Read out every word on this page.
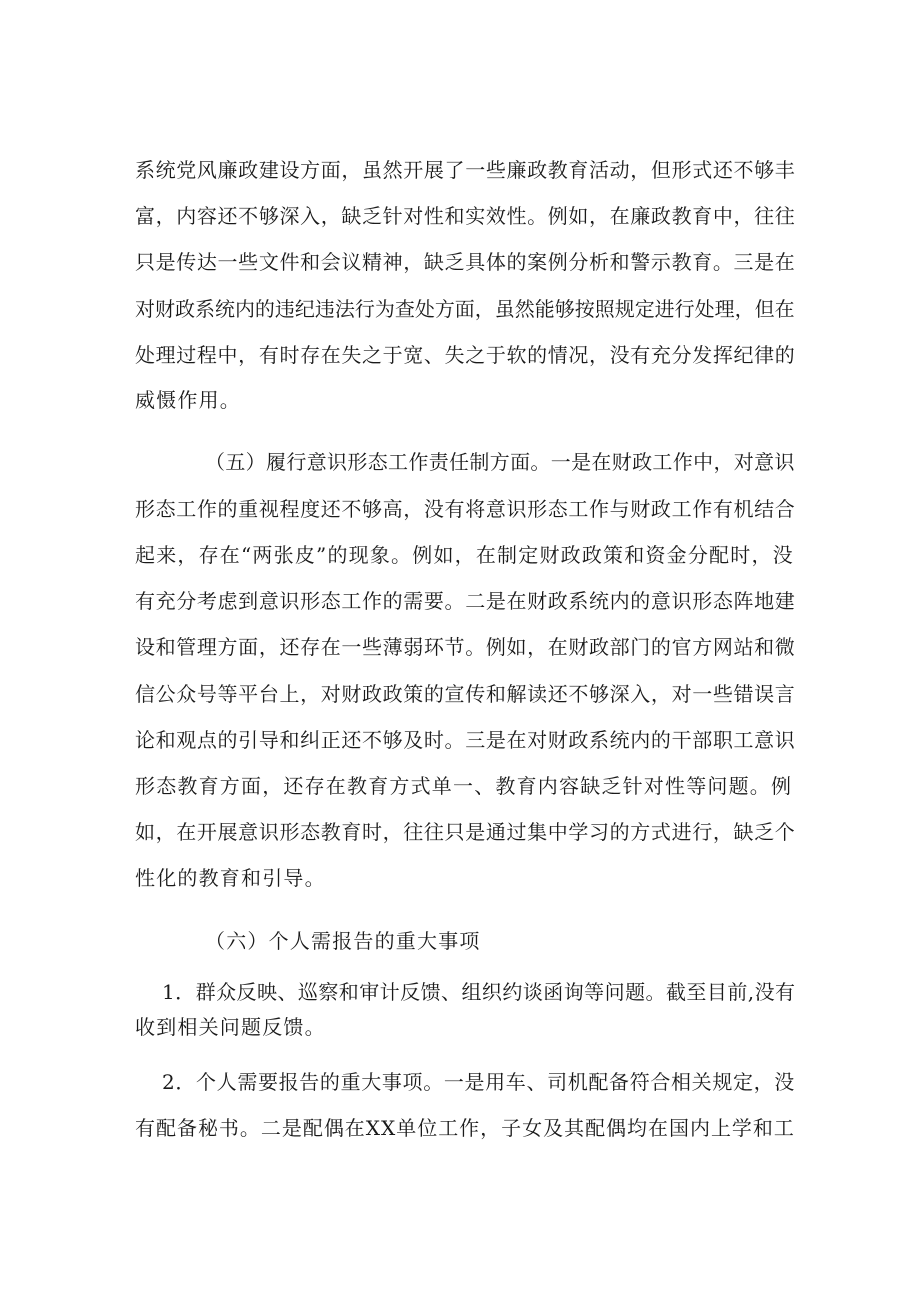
系统党风廉政建设方面，虽然开展了一些廉政教育活动，但形式还不够丰
富，内容还不够深入，缺乏针对性和实效性。例如，在廉政教育中，往往
只是传达一些文件和会议精神，缺乏具体的案例分析和警示教育。三是在
对财政系统内的违纪违法行为查处方面，虽然能够按照规定进行处理，但在
处理过程中，有时存在失之于宽、失之于软的情况，没有充分发挥纪律的
威慑作用。
（五）履行意识形态工作责任制方面。一是在财政工作中，对意识
形态工作的重视程度还不够高，没有将意识形态工作与财政工作有机结合
起来，存在“两张皮”的现象。例如，在制定财政政策和资金分配时，没
有充分考虑到意识形态工作的需要。二是在财政系统内的意识形态阵地建
设和管理方面，还存在一些薄弱环节。例如，在财政部门的官方网站和微
信公众号等平台上，对财政政策的宣传和解读还不够深入，对一些错误言
论和观点的引导和纠正还不够及时。三是在对财政系统内的干部职工意识
形态教育方面，还存在教育方式单一、教育内容缺乏针对性等问题。例
如，在开展意识形态教育时，往往只是通过集中学习的方式进行，缺乏个
性化的教育和引导。
（六）个人需报告的重大事项
1．群众反映、巡察和审计反馈、组织约谈函询等问题。截至目前,没有
收到相关问题反馈。
2．个人需要报告的重大事项。一是用车、司机配备符合相关规定，没
有配备秘书。二是配偶在XX单位工作，子女及其配偶均在国内上学和工
